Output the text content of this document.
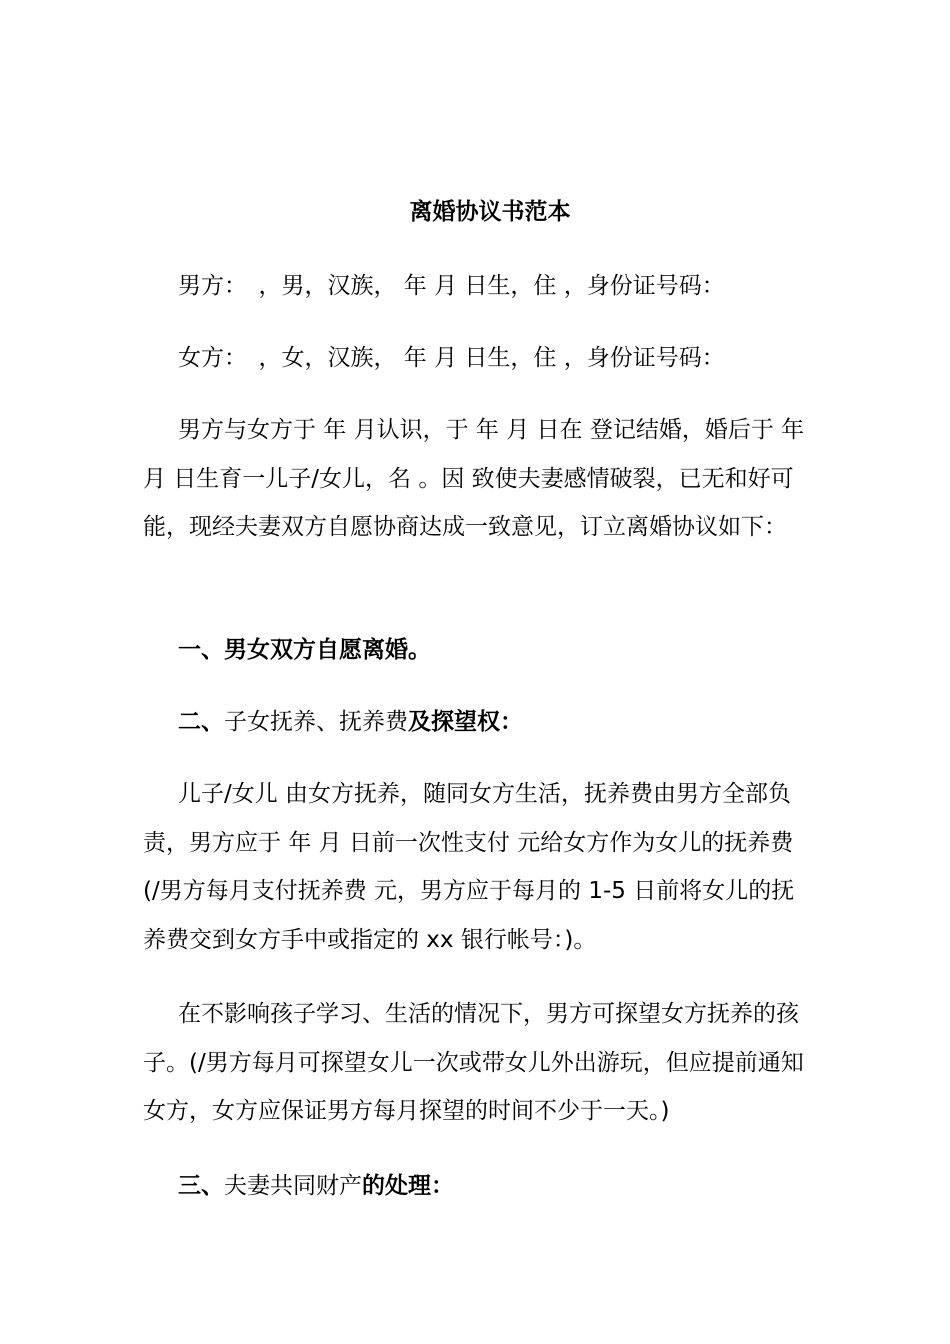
离婚协议书范本

男方：　，男，汉族， 年 月 日生，住 ，身份证号码：

女方：　，女，汉族， 年 月 日生，住 ，身份证号码：

男方与女方于 年 月认识，于 年 月 日在 登记结婚，婚后于 年 月 日生育一儿子/女儿，名 。因 致使夫妻感情破裂，已无和好可能，现经夫妻双方自愿协商达成一致意见，订立离婚协议如下：

一、男女双方自愿离婚。

二、子女抚养、抚养费及探望权：

儿子/女儿 由女方抚养，随同女方生活，抚养费由男方全部负责，男方应于 年 月 日前一次性支付 元给女方作为女儿的抚养费(/男方每月支付抚养费 元，男方应于每月的 1-5 日前将女儿的抚养费交到女方手中或指定的 xx 银行帐号：)。

在不影响孩子学习、生活的情况下，男方可探望女方抚养的孩子。(/男方每月可探望女儿一次或带女儿外出游玩，但应提前通知女方，女方应保证男方每月探望的时间不少于一天。)

三、夫妻共同财产的处理：
